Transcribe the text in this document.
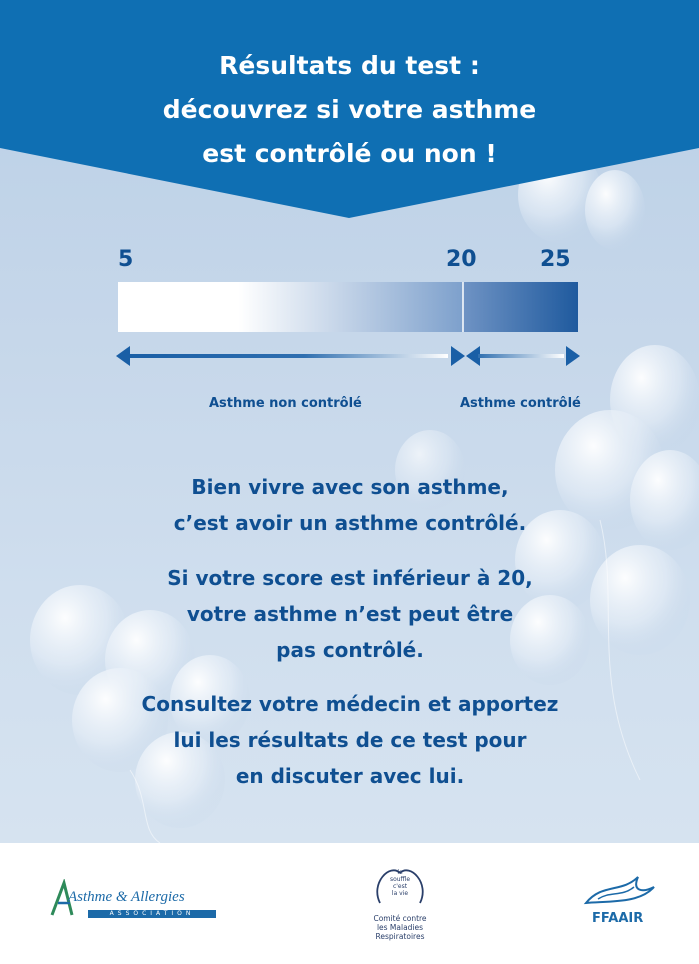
Résultats du test :
découvrez si votre asthme
est contrôlé ou non !
5	20	25
Asthme non contrôlé	Asthme contrôlé
Bien vivre avec son asthme,
c’est avoir un asthme contrôlé.
Si votre score est inférieur à 20,
votre asthme n’est peut être
pas contrôlé.
Consultez votre médecin et apportez
lui les résultats de ce test pour
en discuter avec lui.
Asthme & Allergies
ASSOCIATION
le
souffle
c'est
la vie
Comité contre
les Maladies
Respiratoires
FFAAIR
